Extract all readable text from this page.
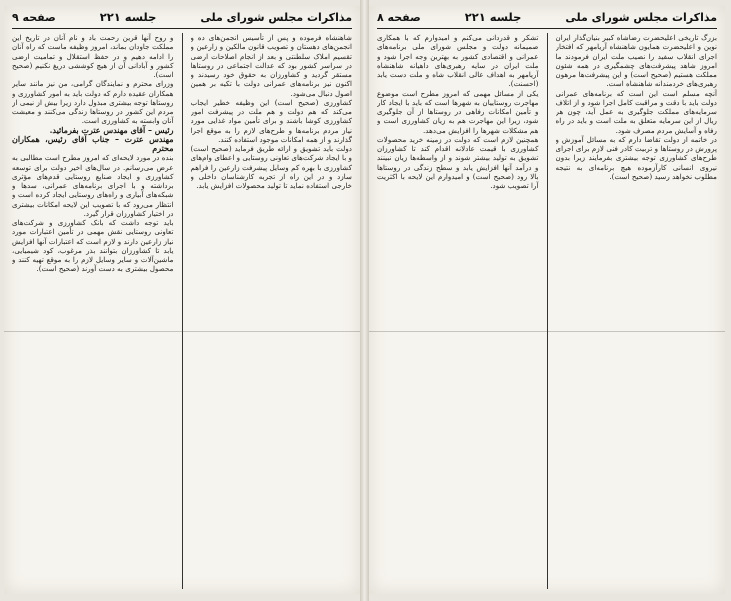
مذاکرات مجلس شورای ملی
جلسه ۲۲۱
صفحه ۹

شاهنشاه فرموده و پس از تأسیس انجمن‌های ده و انجمن‌های دهستان و تصویب قانون مالکین و زارعین و تقسیم املاک سلطنتی و بعد از انجام اصلاحات ارضی در سراسر کشور بود که عدالت اجتماعی در روستاها مستقر گردید و کشاورزان به حقوق خود رسیدند و اکنون نیز برنامه‌های عمرانی دولت با تکیه بر همین اصول دنبال می‌شود.

کشاورزی (صحیح است) این وظیفه خطیر ایجاب می‌کند که هم دولت و هم ملت در پیشرفت امور کشاورزی کوشا باشند و برای تأمین مواد غذایی مورد نیاز مردم برنامه‌ها و طرح‌های لازم را به موقع اجرا گذارند و از همه امکانات موجود استفاده کنند.

دولت باید تشویق و ارائه طریق فرماید (صحیح است) و با ایجاد شرکت‌های تعاونی روستایی و اعطای وام‌های کشاورزی با بهره کم وسایل پیشرفت زارعین را فراهم سازد و در این راه از تجربه کارشناسان داخلی و خارجی استفاده نماید تا تولید محصولات افزایش یابد.

و روح آنها قرین رحمت باد و نام آنان در تاریخ این مملکت جاودان بماند، امروز وظیفه ماست که راه آنان را ادامه دهیم و در حفظ استقلال و تمامیت ارضی کشور و آبادانی آن از هیچ کوششی دریغ نکنیم (صحیح است).

وزرای محترم و نمایندگان گرامی، من نیز مانند سایر همکاران عقیده دارم که دولت باید به امور کشاورزی و روستاها توجه بیشتری مبذول دارد زیرا بیش از نیمی از مردم این کشور در روستاها زندگی می‌کنند و معیشت آنان وابسته به کشاورزی است.

رئیس – آقای مهندس عترت بفرمائید.

مهندس عترت – جناب آقای رئیس، همکاران محترم

بنده در مورد لایحه‌ای که امروز مطرح است مطالبی به عرض می‌رسانم. در سال‌های اخیر دولت برای توسعه کشاورزی و ایجاد صنایع روستایی قدم‌های مؤثری برداشته و با اجرای برنامه‌های عمرانی، سدها و شبکه‌های آبیاری و راه‌های روستایی ایجاد کرده است و انتظار می‌رود که با تصویب این لایحه امکانات بیشتری در اختیار کشاورزان قرار گیرد.

باید توجه داشت که بانک کشاورزی و شرکت‌های تعاونی روستایی نقش مهمی در تأمین اعتبارات مورد نیاز زارعین دارند و لازم است که اعتبارات آنها افزایش یابد تا کشاورزان بتوانند بذر مرغوب، کود شیمیایی، ماشین‌آلات و سایر وسایل لازم را به موقع تهیه کنند و محصول بیشتری به دست آورند (صحیح است).

مذاکرات مجلس شورای ملی
جلسه ۲۲۱
صفحه ۸

بزرگ تاریخی اعلیحضرت رضاشاه کبیر بنیان‌گذار ایران نوین و اعلیحضرت همایون شاهنشاه آریامهر که افتخار اجرای انقلاب سفید را نصیب ملت ایران فرمودند ما امروز شاهد پیشرفت‌های چشمگیری در همه شئون مملکت هستیم (صحیح است) و این پیشرفت‌ها مرهون رهبری‌های خردمندانه شاهنشاه است.

آنچه مسلم است این است که برنامه‌های عمرانی دولت باید با دقت و مراقبت کامل اجرا شود و از اتلاف سرمایه‌های مملکت جلوگیری به عمل آید، چون هر ریال از این سرمایه متعلق به ملت است و باید در راه رفاه و آسایش مردم مصرف شود.

در خاتمه از دولت تقاضا دارم که به مسائل آموزش و پرورش در روستاها و تربیت کادر فنی لازم برای اجرای طرح‌های کشاورزی توجه بیشتری بفرمایند زیرا بدون نیروی انسانی کارآزموده هیچ برنامه‌ای به نتیجه مطلوب نخواهد رسید (صحیح است).

تشکر و قدردانی می‌کنم و امیدوارم که با همکاری صمیمانه دولت و مجلس شورای ملی برنامه‌های عمرانی و اقتصادی کشور به بهترین وجه اجرا شود و ملت ایران در سایه رهبری‌های داهیانه شاهنشاه آریامهر به اهداف عالی انقلاب شاه و ملت دست یابد (احسنت).

یکی از مسائل مهمی که امروز مطرح است موضوع مهاجرت روستاییان به شهرها است که باید با ایجاد کار و تأمین امکانات رفاهی در روستاها از آن جلوگیری شود، زیرا این مهاجرت هم به زیان کشاورزی است و هم مشکلات شهرها را افزایش می‌دهد.

همچنین لازم است که دولت در زمینه خرید محصولات کشاورزی با قیمت عادلانه اقدام کند تا کشاورزان تشویق به تولید بیشتر شوند و از واسطه‌ها زیان نبینند و درآمد آنها افزایش یابد و سطح زندگی در روستاها بالا رود (صحیح است) و امیدوارم این لایحه با اکثریت آرا تصویب شود.
